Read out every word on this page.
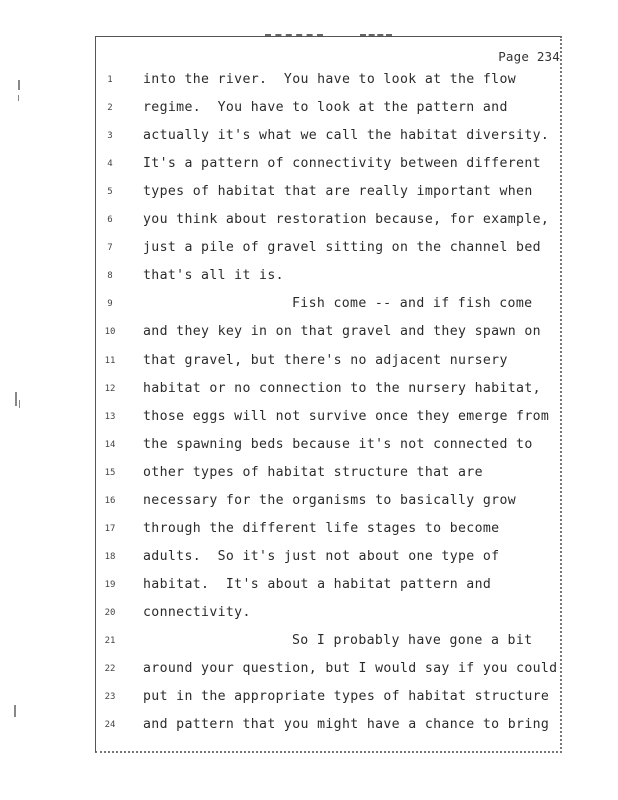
Page 234
1	into the river.  You have to look at the flow
2	regime.  You have to look at the pattern and
3	actually it's what we call the habitat diversity.
4	It's a pattern of connectivity between different
5	types of habitat that are really important when
6	you think about restoration because, for example,
7	just a pile of gravel sitting on the channel bed
8	that's all it is.
9	Fish come -- and if fish come
10	and they key in on that gravel and they spawn on
11	that gravel, but there's no adjacent nursery
12	habitat or no connection to the nursery habitat,
13	those eggs will not survive once they emerge from
14	the spawning beds because it's not connected to
15	other types of habitat structure that are
16	necessary for the organisms to basically grow
17	through the different life stages to become
18	adults.  So it's just not about one type of
19	habitat.  It's about a habitat pattern and
20	connectivity.
21	So I probably have gone a bit
22	around your question, but I would say if you could
23	put in the appropriate types of habitat structure
24	and pattern that you might have a chance to bring
